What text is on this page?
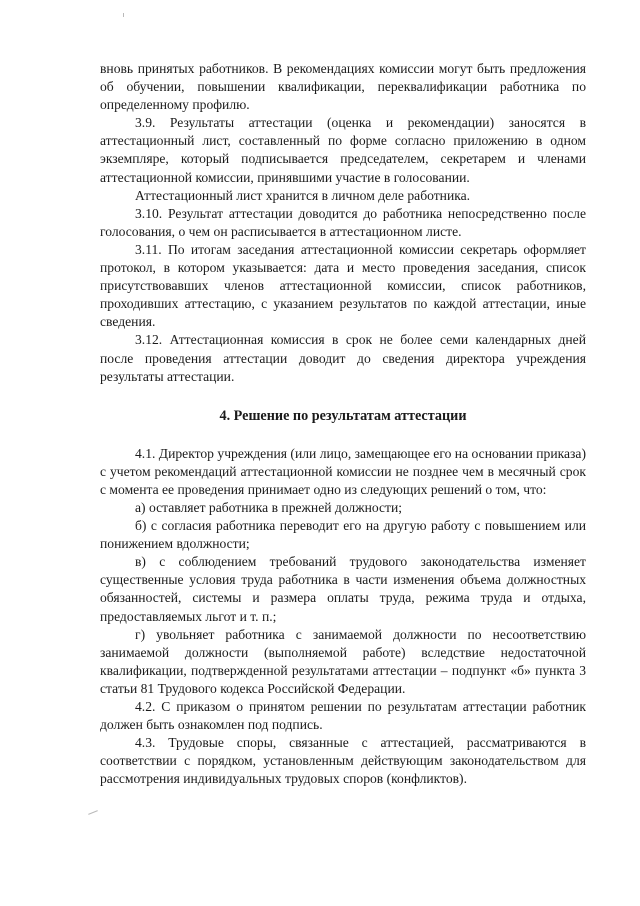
вновь принятых работников. В рекомендациях комиссии могут быть предложения об обучении, повышении квалификации, переквалификации работника по определенному профилю.

3.9. Результаты аттестации (оценка и рекомендации) заносятся в аттестационный лист, составленный по форме согласно приложению в одном экземпляре, который подписывается председателем, секретарем и членами аттестационной комиссии, принявшими участие в голосовании.

Аттестационный лист хранится в личном деле работника.

3.10. Результат аттестации доводится до работника непосредственно после голосования, о чем он расписывается в аттестационном листе.

3.11. По итогам заседания аттестационной комиссии секретарь оформляет протокол, в котором указывается: дата и место проведения заседания, список присутствовавших членов аттестационной комиссии, список работников, проходивших аттестацию, с указанием результатов по каждой аттестации, иные сведения.

3.12. Аттестационная комиссия в срок не более семи календарных дней после проведения аттестации доводит до сведения директора учреждения результаты аттестации.

4. Решение по результатам аттестации

4.1. Директор учреждения (или лицо, замещающее его на основании приказа) с учетом рекомендаций аттестационной комиссии не позднее чем в месячный срок с момента ее проведения принимает одно из следующих решений о том, что:

а) оставляет работника в прежней должности;

б) с согласия работника переводит его на другую работу с повышением или понижением вдолжности;

в) с соблюдением требований трудового законодательства изменяет существенные условия труда работника в части изменения объема должностных обязанностей, системы и размера оплаты труда, режима труда и отдыха, предоставляемых льгот и т. п.;

г) увольняет работника с занимаемой должности по несоответствию занимаемой должности (выполняемой работе) вследствие недостаточной квалификации, подтвержденной результатами аттестации – подпункт «б» пункта 3 статьи 81 Трудового кодекса Российской Федерации.

4.2. С приказом о принятом решении по результатам аттестации работник должен быть ознакомлен под подпись.

4.3. Трудовые споры, связанные с аттестацией, рассматриваются в соответствии с порядком, установленным действующим законодательством для рассмотрения индивидуальных трудовых споров (конфликтов).
